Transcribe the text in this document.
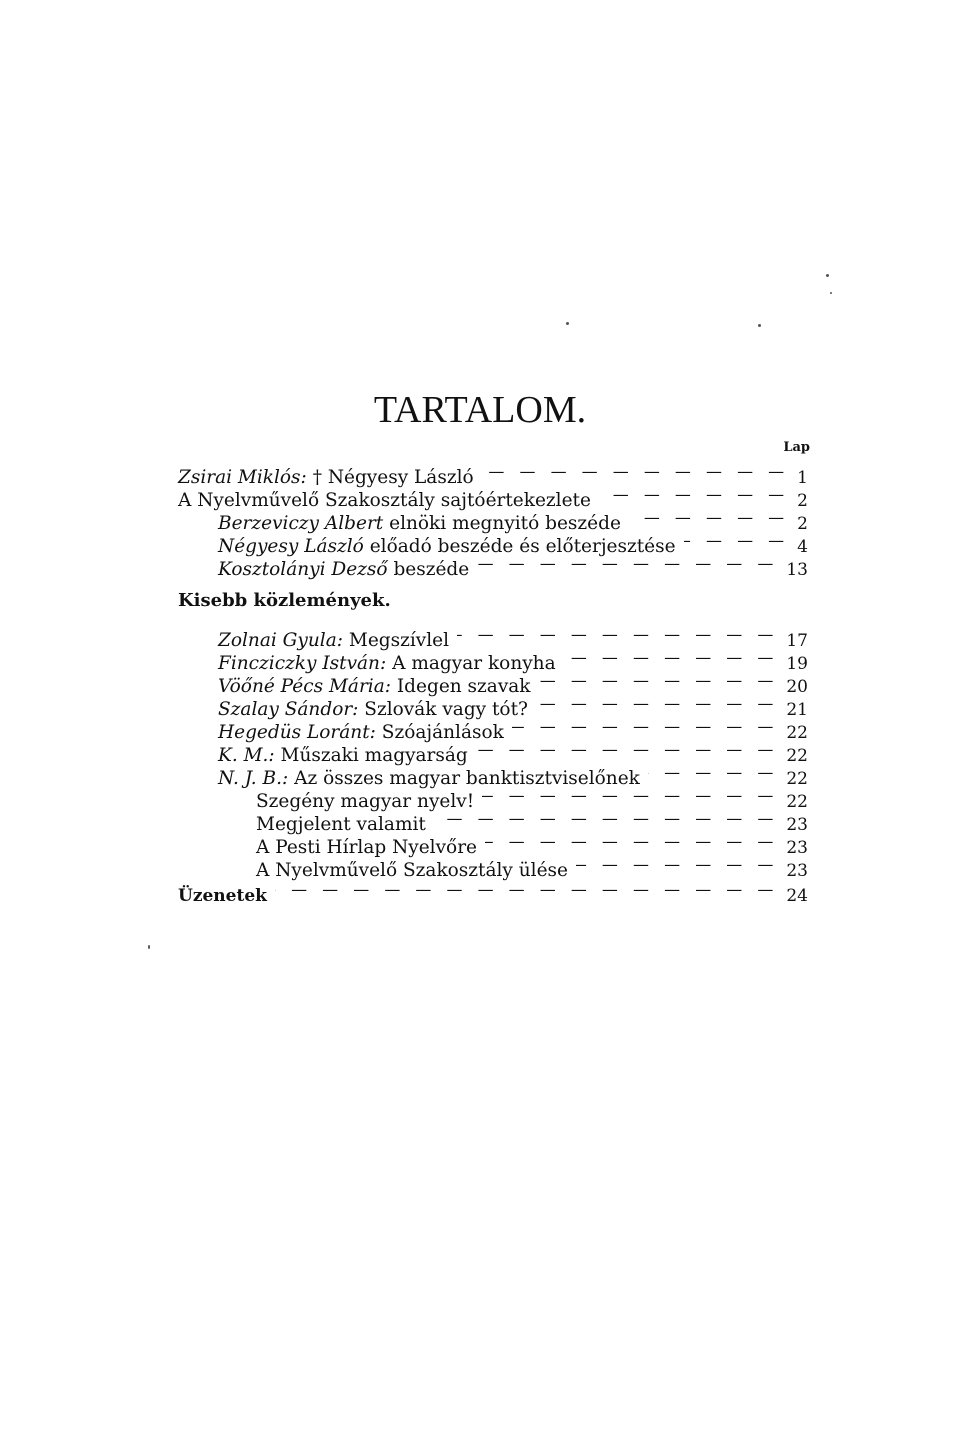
TARTALOM.
Lap
Zsirai Miklós: † Négyesy László — — —	1
A Nyelvművelő Szakosztály sajtóértekezlete — — —	2
Berzeviczy Albert elnöki megnyitó beszéde — — —	2
Négyesy László előadó beszéde és előterjesztése — — —	4
Kosztolányi Dezső beszéde — — —	13
Kisebb közlemények.
Zolnai Gyula: Megszívlel — — —	17
Fincziczky István: A magyar konyha — — —	19
Vöőné Pécs Mária: Idegen szavak — — —	20
Szalay Sándor: Szlovák vagy tót? — — —	21
Hegedüs Loránt: Szóajánlások — — —	22
K. M.: Műszaki magyarság — — —	22
N. J. B.: Az összes magyar banktisztviselőnek — — —	22
Szegény magyar nyelv! — — —	22
Megjelent valamit — — —	23
A Pesti Hírlap Nyelvőre — — —	23
A Nyelvművelő Szakosztály ülése — — —	23
Üzenetek — — —	24
